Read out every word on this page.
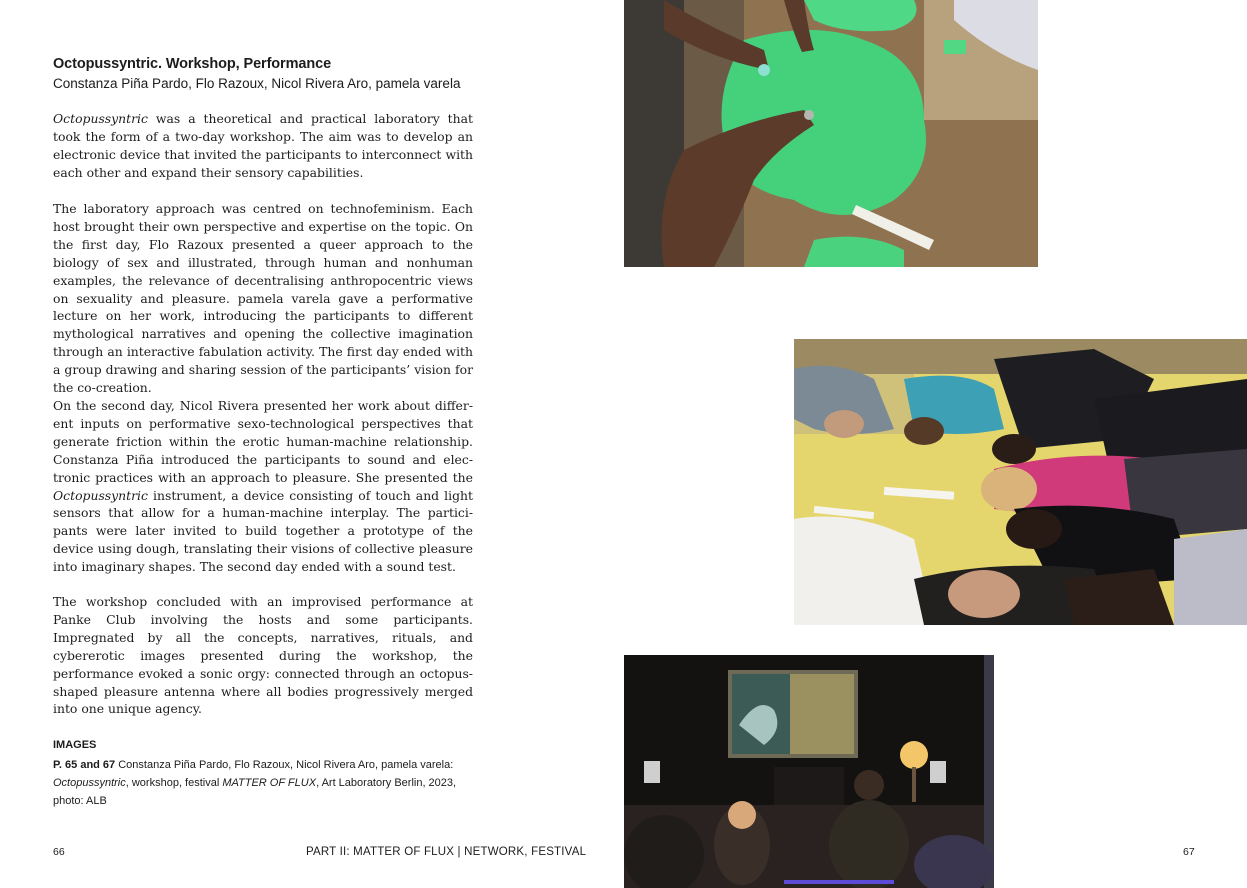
Octopussyntric. Workshop, Performance
Constanza Piña Pardo, Flo Razoux, Nicol Rivera Aro, pamela varela

Octopussyntric was a theoretical and practical laboratory that took the form of a two-day workshop. The aim was to develop an electronic device that invited the participants to interconnect with each other and expand their sensory capabilities.

The laboratory approach was centred on technofeminism. Each host brought their own perspective and expertise on the topic. On the first day, Flo Razoux presented a queer approach to the biology of sex and illustrated, through human and nonhuman examples, the relevance of decentralising anthropocentric views on sexuality and pleasure. pamela varela gave a performative lecture on her work, introducing the participants to different mythological narratives and opening the collective imagination through an interactive fabulation activity. The first day ended with a group drawing and sharing session of the participants’ vision for the co-creation.

On the second day, Nicol Rivera presented her work about different inputs on performative sexo-technological perspectives that generate friction within the erotic human-machine relationship. Constanza Piña introduced the participants to sound and electronic practices with an approach to pleasure. She presented the Octopussyntric instrument, a device consisting of touch and light sensors that allow for a human-machine interplay. The participants were later invited to build together a prototype of the device using dough, translating their visions of collective pleasure into imaginary shapes. The second day ended with a sound test.

The workshop concluded with an improvised performance at Panke Club involving the hosts and some participants. Impregnated by all the concepts, narratives, rituals, and cybererotic images presented during the workshop, the performance evoked a sonic orgy: connected through an octopus-shaped pleasure antenna where all bodies progressively merged into one unique agency.

IMAGES
P. 65 and 67 Constanza Piña Pardo, Flo Razoux, Nicol Rivera Aro, pamela varela:
Octopussyntric, workshop, festival MATTER OF FLUX, Art Laboratory Berlin, 2023,
photo: ALB
66	PART II: MATTER OF FLUX | NETWORK, FESTIVAL	67
